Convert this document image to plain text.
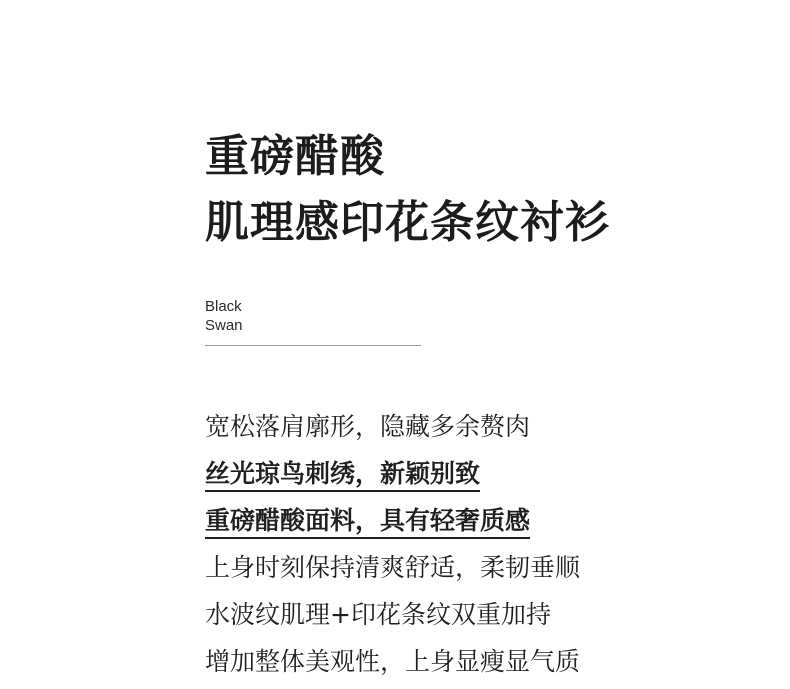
重磅醋酸
肌理感印花条纹衬衫
Black
Swan
宽松落肩廓形，隐藏多余赘肉
丝光琼鸟刺绣，新颖别致
重磅醋酸面料，具有轻奢质感
上身时刻保持清爽舒适，柔韧垂顺
水波纹肌理+印花条纹双重加持
增加整体美观性，上身显瘦显气质
